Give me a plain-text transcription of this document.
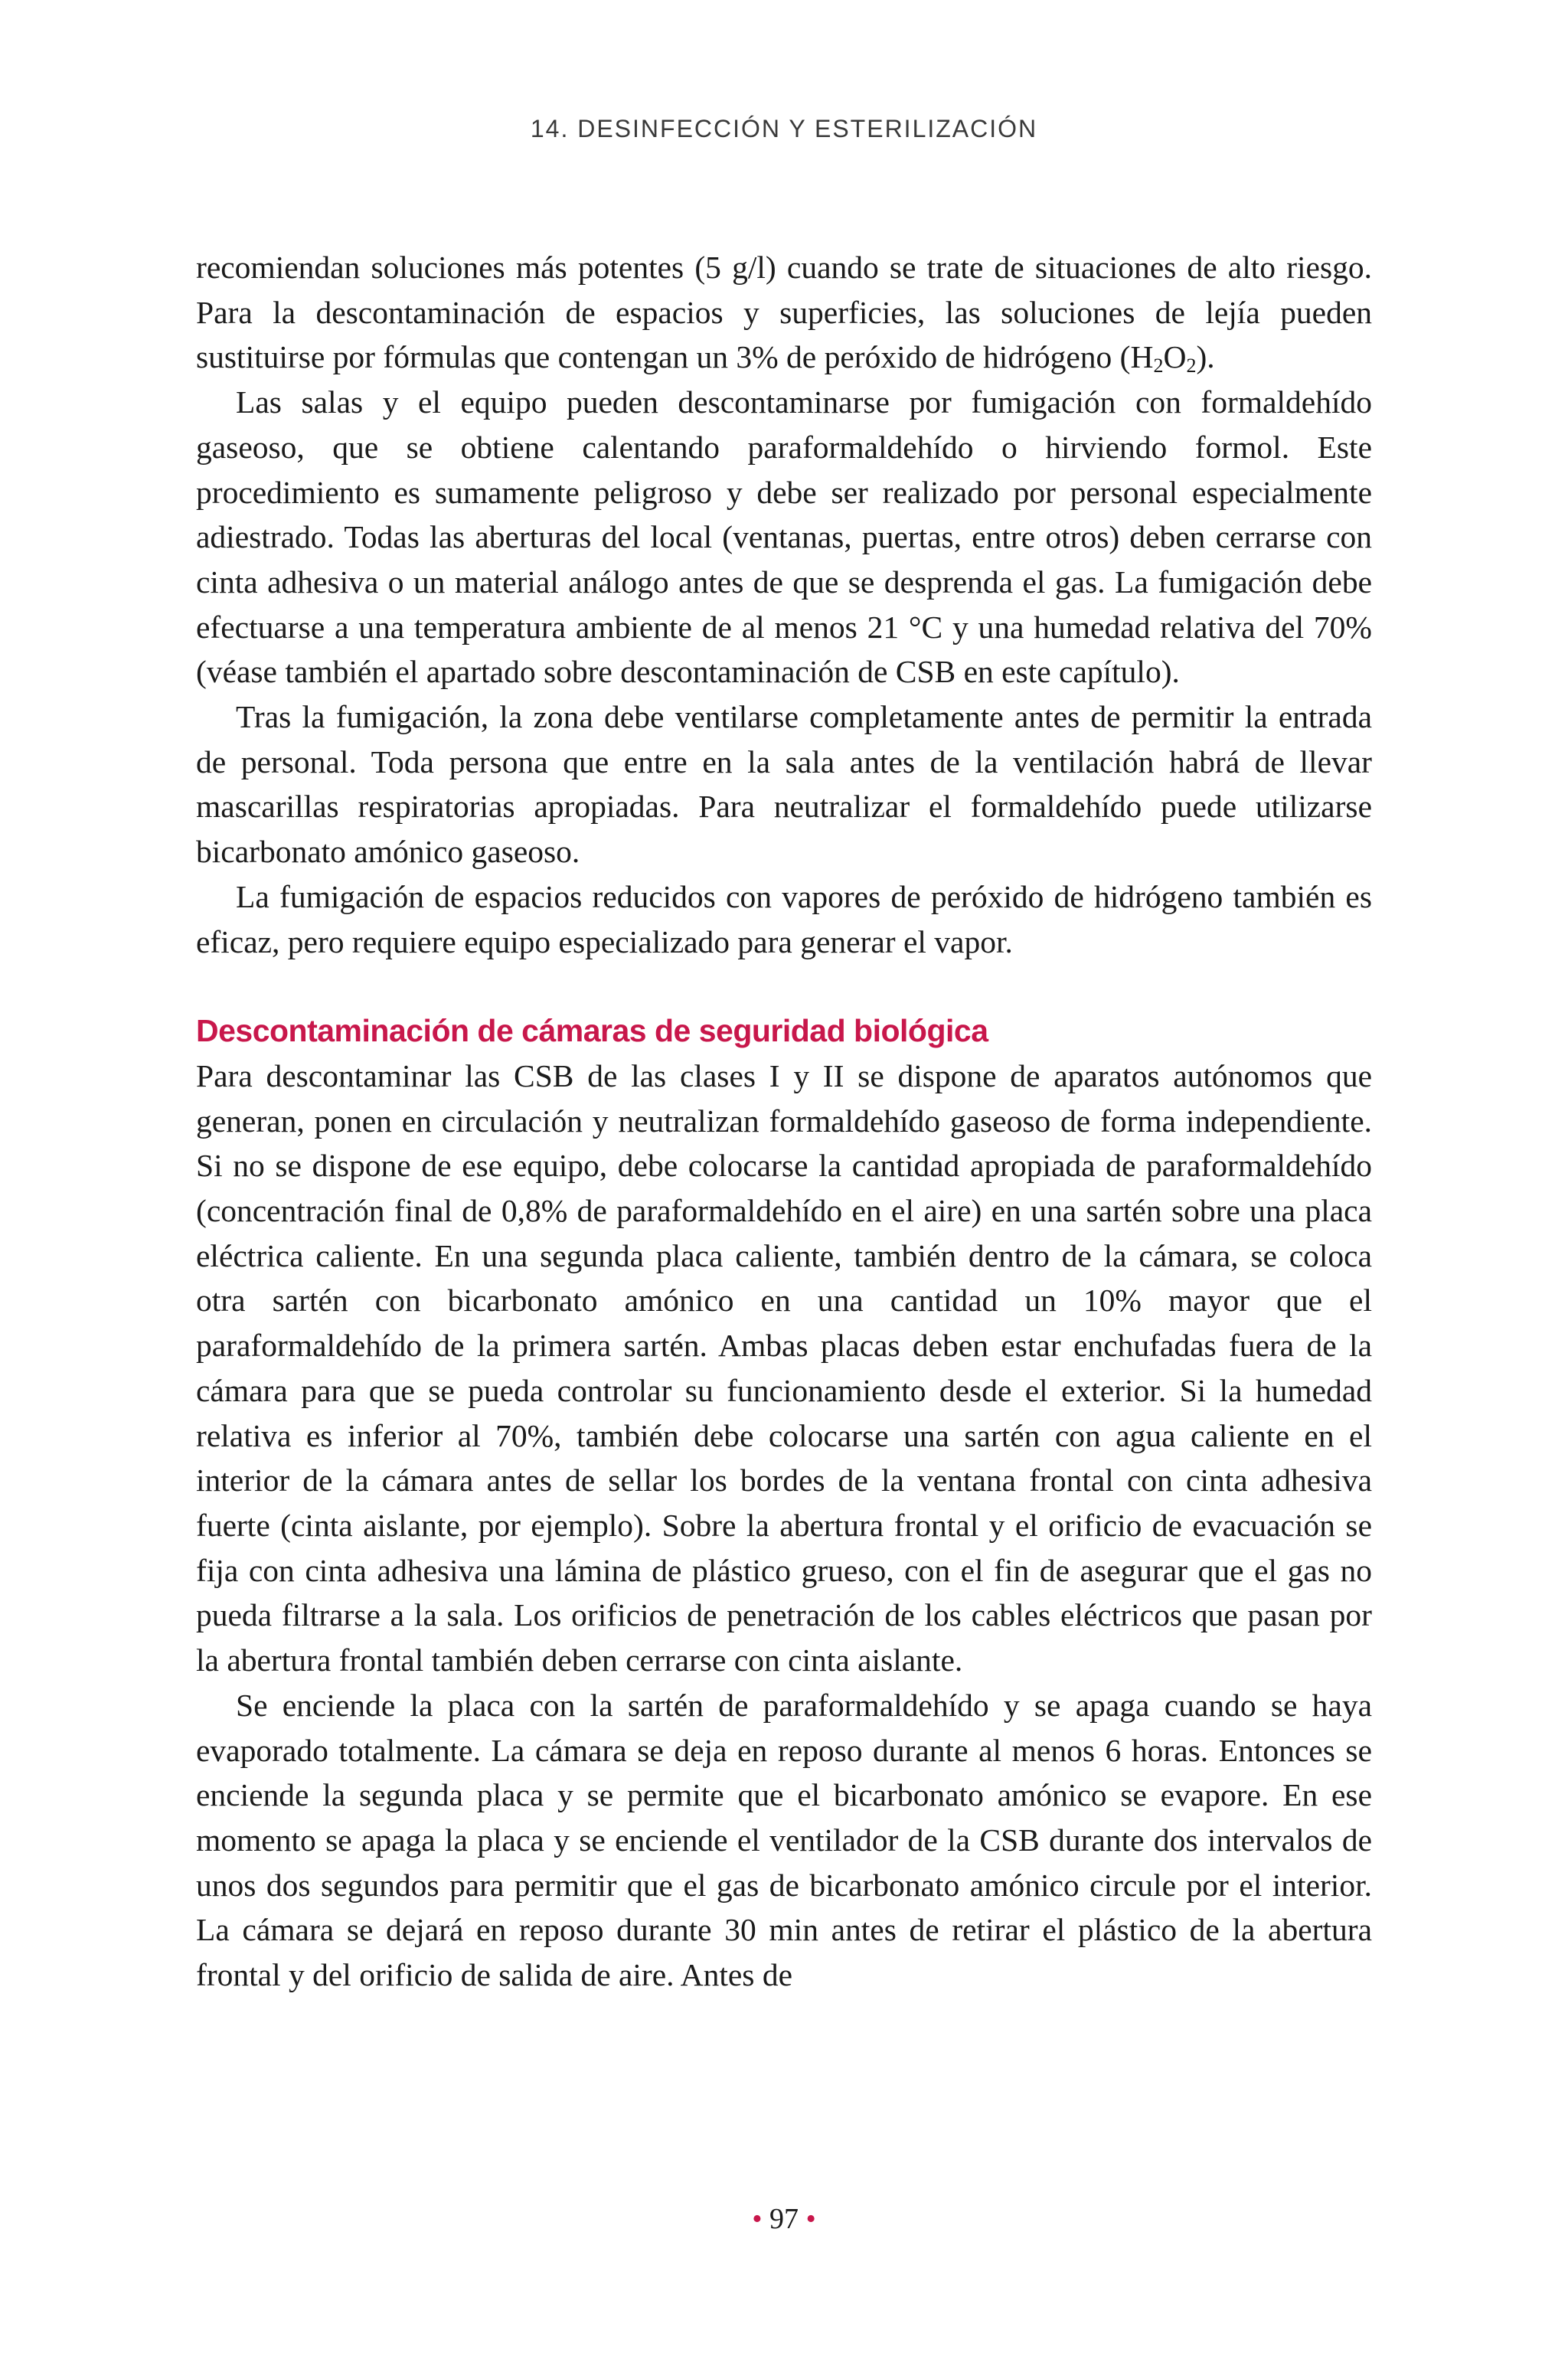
14. DESINFECCIÓN Y ESTERILIZACIÓN

recomiendan soluciones más potentes (5 g/l) cuando se trate de situaciones de alto riesgo. Para la descontaminación de espacios y superficies, las soluciones de lejía pueden sustituirse por fórmulas que contengan un 3% de peróxido de hidrógeno $(H_2O_2)$.

Las salas y el equipo pueden descontaminarse por fumigación con formaldehído gaseoso, que se obtiene calentando paraformaldehído o hirviendo formol. Este procedimiento es sumamente peligroso y debe ser realizado por personal especialmente adiestrado. Todas las aberturas del local (ventanas, puertas, entre otros) deben cerrarse con cinta adhesiva o un material análogo antes de que se desprenda el gas. La fumigación debe efectuarse a una temperatura ambiente de al menos 21 °C y una humedad relativa del 70% (véase también el apartado sobre descontaminación de CSB en este capítulo).

Tras la fumigación, la zona debe ventilarse completamente antes de permitir la entrada de personal. Toda persona que entre en la sala antes de la ventilación habrá de llevar mascarillas respiratorias apropiadas. Para neutralizar el formaldehído puede utilizarse bicarbonato amónico gaseoso.

La fumigación de espacios reducidos con vapores de peróxido de hidrógeno también es eficaz, pero requiere equipo especializado para generar el vapor.

Descontaminación de cámaras de seguridad biológica

Para descontaminar las CSB de las clases I y II se dispone de aparatos autónomos que generan, ponen en circulación y neutralizan formaldehído gaseoso de forma independiente. Si no se dispone de ese equipo, debe colocarse la cantidad apropiada de paraformaldehído (concentración final de 0,8% de paraformaldehído en el aire) en una sartén sobre una placa eléctrica caliente. En una segunda placa caliente, también dentro de la cámara, se coloca otra sartén con bicarbonato amónico en una cantidad un 10% mayor que el paraformaldehído de la primera sartén. Ambas placas deben estar enchufadas fuera de la cámara para que se pueda controlar su funcionamiento desde el exterior. Si la humedad relativa es inferior al 70%, también debe colocarse una sartén con agua caliente en el interior de la cámara antes de sellar los bordes de la ventana frontal con cinta adhesiva fuerte (cinta aislante, por ejemplo). Sobre la abertura frontal y el orificio de evacuación se fija con cinta adhesiva una lámina de plástico grueso, con el fin de asegurar que el gas no pueda filtrarse a la sala. Los orificios de penetración de los cables eléctricos que pasan por la abertura frontal también deben cerrarse con cinta aislante.

Se enciende la placa con la sartén de paraformaldehído y se apaga cuando se haya evaporado totalmente. La cámara se deja en reposo durante al menos 6 horas. Entonces se enciende la segunda placa y se permite que el bicarbonato amónico se evapore. En ese momento se apaga la placa y se enciende el ventilador de la CSB durante dos intervalos de unos dos segundos para permitir que el gas de bicarbonato amónico circule por el interior. La cámara se dejará en reposo durante 30 min antes de retirar el plástico de la abertura frontal y del orificio de salida de aire. Antes de

• 97 •
